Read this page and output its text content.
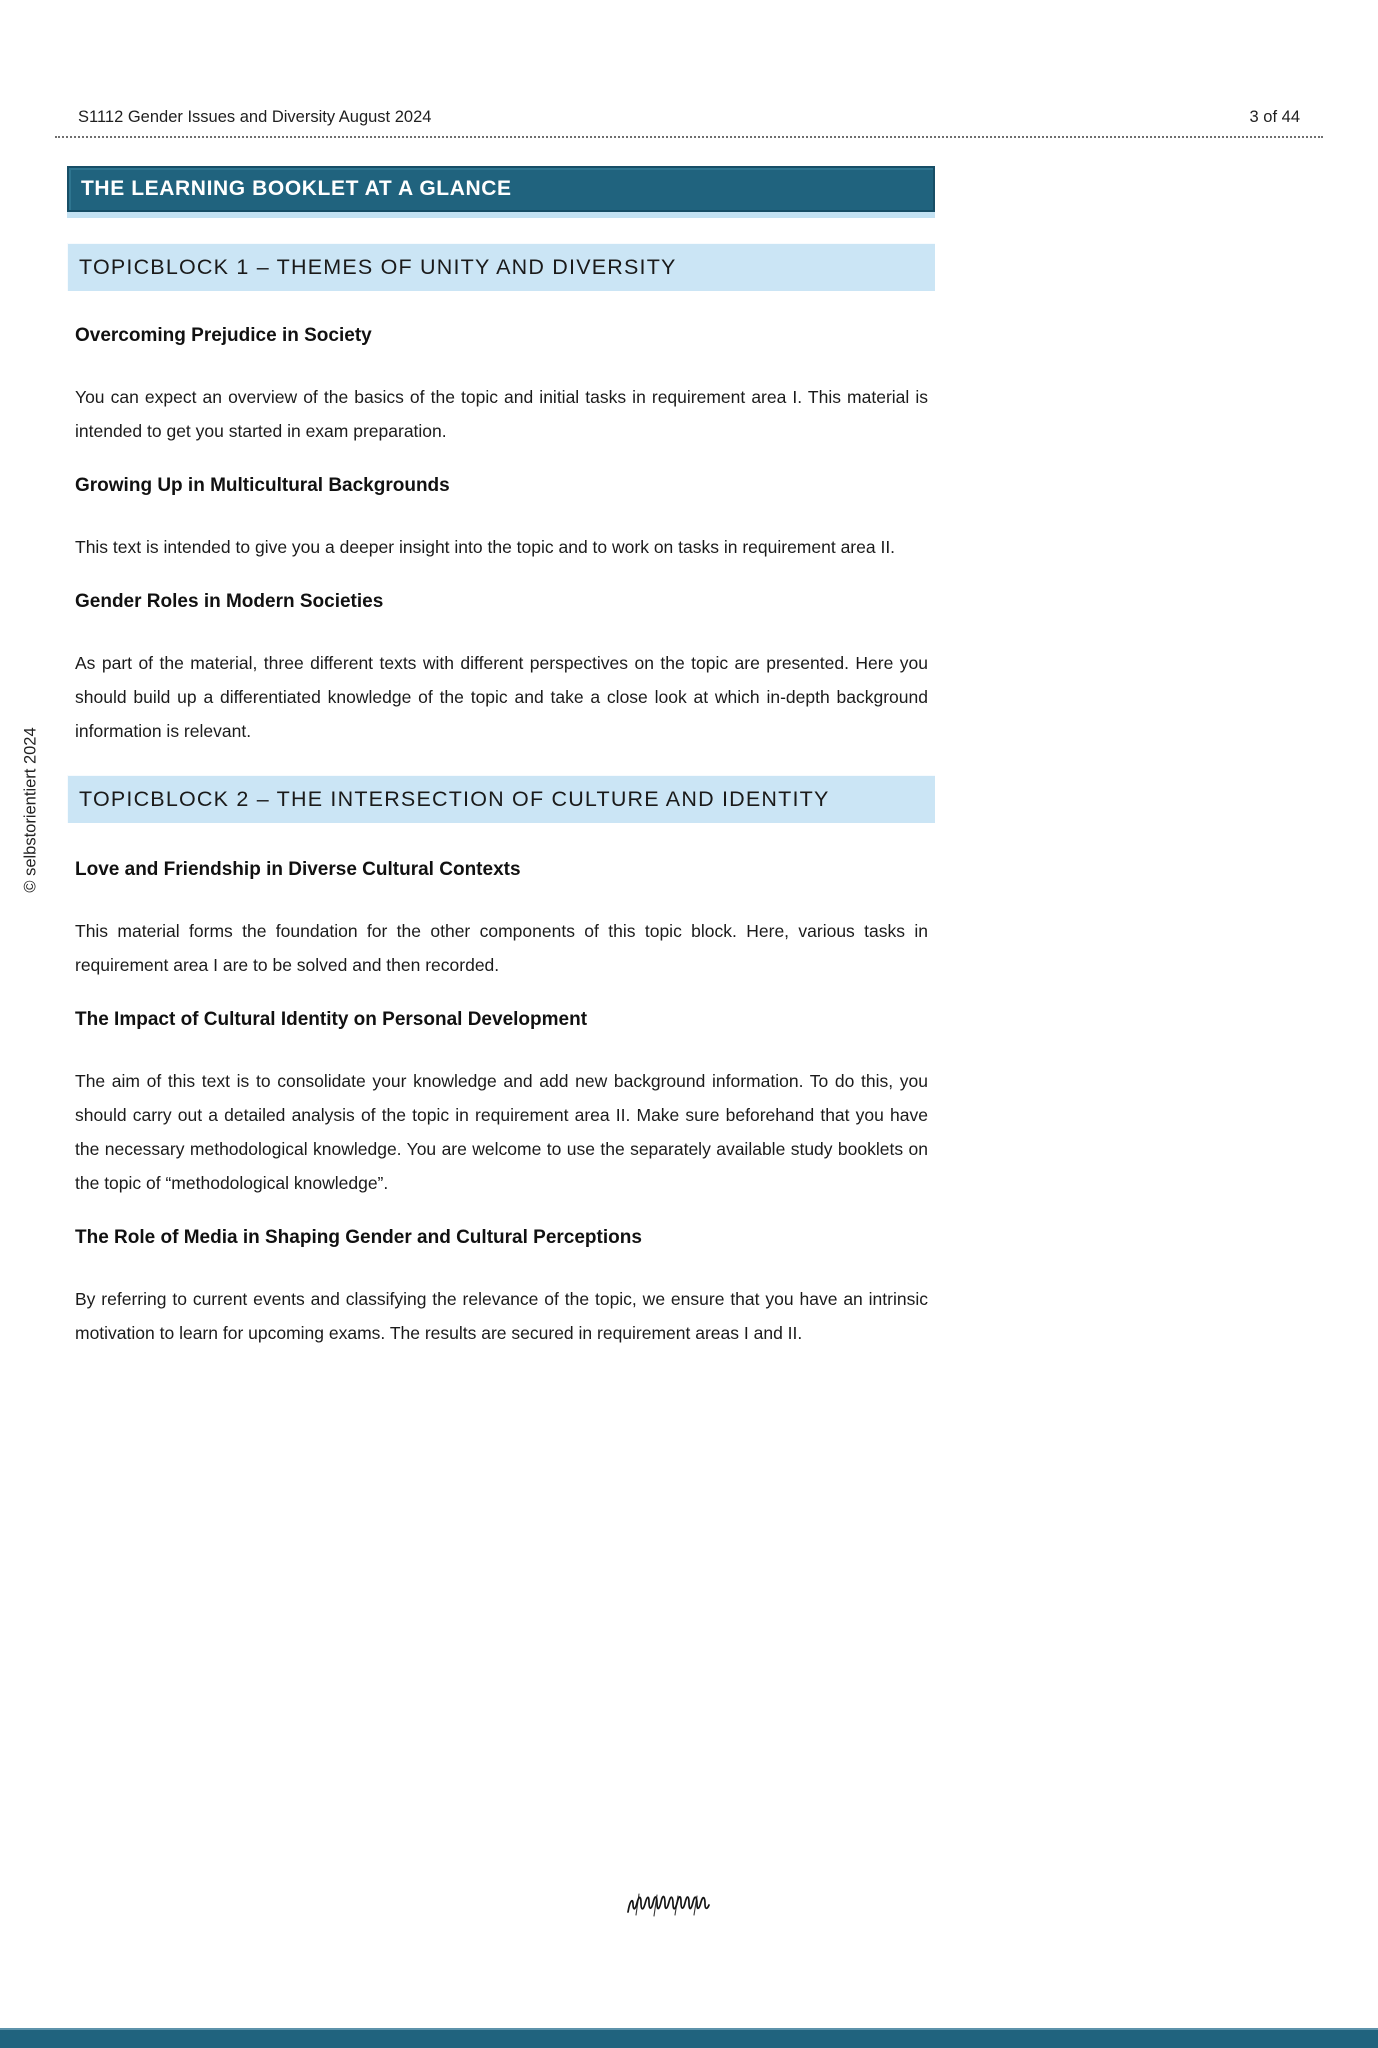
S1112 Gender Issues and Diversity August 2024	3 of 44
THE LEARNING BOOKLET AT A GLANCE
TOPICBLOCK 1 – THEMES OF UNITY AND DIVERSITY
Overcoming Prejudice in Society

You can expect an overview of the basics of the topic and initial tasks in requirement area I. This material is intended to get you started in exam preparation.

Growing Up in Multicultural Backgrounds

This text is intended to give you a deeper insight into the topic and to work on tasks in requirement area II.

Gender Roles in Modern Societies

As part of the material, three different texts with different perspectives on the topic are presented. Here you should build up a differentiated knowledge of the topic and take a close look at which in-depth background information is relevant.

TOPICBLOCK 2 – THE INTERSECTION OF CULTURE AND IDENTITY
Love and Friendship in Diverse Cultural Contexts

This material forms the foundation for the other components of this topic block. Here, various tasks in requirement area I are to be solved and then recorded.

The Impact of Cultural Identity on Personal Development

The aim of this text is to consolidate your knowledge and add new background information. To do this, you should carry out a detailed analysis of the topic in requirement area II. Make sure beforehand that you have the necessary methodological knowledge. You are welcome to use the separately available study booklets on the topic of “methodological knowledge”.

The Role of Media in Shaping Gender and Cultural Perceptions

By referring to current events and classifying the relevance of the topic, we ensure that you have an intrinsic motivation to learn for upcoming exams. The results are secured in requirement areas I and II.

© selbstorientiert 2024
